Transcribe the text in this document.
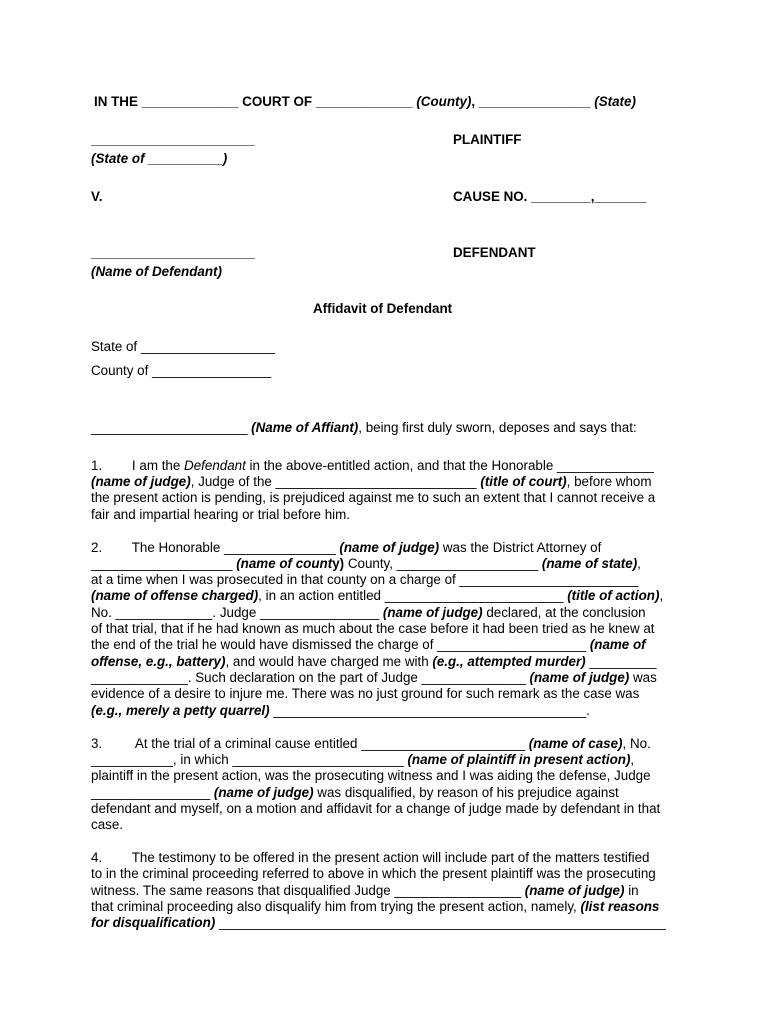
IN THE _____________ COURT OF _____________ (County), _______________ (State)
______________________	PLAINTIFF
(State of __________)
V.	CAUSE NO. ________,_______
______________________	DEFENDANT
(Name of Defendant)
Affidavit of Defendant
State of __________________
County of ________________
_____________________ (Name of Affiant), being first duly sworn, deposes and says that:
1.        I am the Defendant in the above-entitled action, and that the Honorable _____________
(name of judge), Judge of the ___________________________ (title of court), before whom
the present action is pending, is prejudiced against me to such an extent that I cannot receive a
fair and impartial hearing or trial before him.
2.        The Honorable _______________ (name of judge) was the District Attorney of
___________________ (name of county) County, ___________________ (name of state),
at a time when I was prosecuted in that county on a charge of ________________________
(name of offense charged), in an action entitled ________________________ (title of action),
No. _____________. Judge ________________ (name of judge) declared, at the conclusion
of that trial, that if he had known as much about the case before it had been tried as he knew at
the end of the trial he would have dismissed the charge of ____________________ (name of
offense, e.g., battery), and would have charged me with (e.g., attempted murder) _________
_____________. Such declaration on the part of Judge ______________ (name of judge) was
evidence of a desire to injure me. There was no just ground for such remark as the case was
(e.g., merely a petty quarrel) __________________________________________.
3.         At the trial of a criminal cause entitled ______________________ (name of case), No.
___________, in which _______________________ (name of plaintiff in present action),
plaintiff in the present action, was the prosecuting witness and I was aiding the defense, Judge
________________ (name of judge) was disqualified, by reason of his prejudice against
defendant and myself, on a motion and affidavit for a change of judge made by defendant in that
case.
4.        The testimony to be offered in the present action will include part of the matters testified
to in the criminal proceeding referred to above in which the present plaintiff was the prosecuting
witness. The same reasons that disqualified Judge _________________ (name of judge) in
that criminal proceeding also disqualify him from trying the present action, namely, (list reasons
for disqualification) ____________________________________________________________
